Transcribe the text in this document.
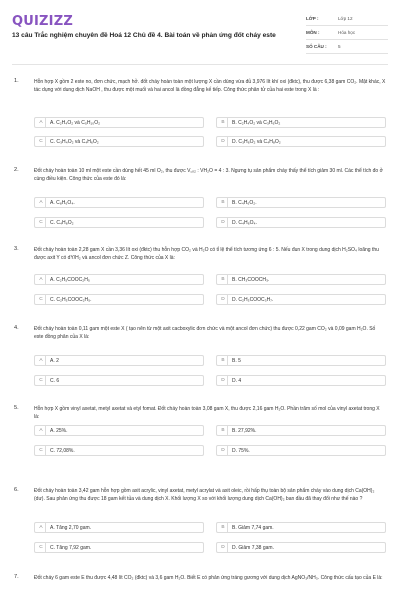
QUIZIZZ
13 câu Trắc nghiệm chuyên đề Hoá 12 Chủ đề 4. Bài toán về phản ứng đốt cháy este
LỚP :	Lớp 12
MÔN :	Hóa học
SỐ CÂU :	5
1.	Hỗn hợp X gồm 2 este no, đơn chức, mạch hở. đốt cháy hoàn toàn một lượng X cần dùng vừa đủ 3,976 lít khí oxi (đktc), thu được 6,38 gam CO₂. Mặt khác, X tác dụng với dung dịch NaOH , thu được một muối và hai ancol là đồng đẳng kế tiếp. Công thức phân tử của hai este trong X là :
A	A. C₂H₄O₂ và C₅H₁₀O₂	B	B. C₂H₄O₂ và C₃H₆O₂
C	C. C₃H₄O₂ và C₄H₆O₂	D	D. C₃H₆O₂ và C₄H₈O₂
2.	Đốt cháy hoàn toàn 10 ml một este cần dùng hết 45 ml O₂, thu được V꜀ₒ₂ : VH₂O = 4 : 3. Ngưng tụ sản phẩm cháy thấy thể tích giảm 30 ml. Các thể tích đo ở cùng điều kiện. Công thức của este đó là:
A	A. C₈H₆O₄.	B	B. C₄H₆O₂.
C	C. C₄H₈O₂	D	D. C₄H₆O₄.
3.	Đốt cháy hoàn toàn 2,28 gam X cần 3,36 lít oxi (đktc) thu hỗn hợp CO₂ và H₂O có tỉ lệ thể tích tương ứng 6 : 5. Nếu đun X trong dung dịch H₂SO₄ loãng thu được axit Y có dY/H₂ và ancol đơn chức Z. Công thức của X là:
A	A. C₂H₅COOC₂H₅	B	B. CH₃COOCH₃.
C	C. C₂H₃COOC₂H₅.	D	D. C₂H₃COOC₃H₇.
4.	Đốt cháy hoàn toàn 0,11 gam một este X ( tạo nên từ một axit cacboxylic đơn chức và một ancol đơn chức) thu được 0,22 gam CO₂ và 0,09 gam H₂O. Số este đồng phân của X là:
A	A. 2	B	B. 5
C	C. 6	D	D. 4
5.	Hỗn hợp X gồm vinyl axetat, metyl axetat và etyl fomat. Đốt cháy hoàn toàn 3,08 gam X, thu được 2,16 gam H₂O. Phần trăm số mol của vinyl axetat trong X là:
A	A. 25%.	B	B. 27,92%.
C	C. 72,08%.	D	D. 75%.
6.	Đốt cháy hoàn toàn 3,42 gam hỗn hợp gồm axit acrylic, vinyl axetat, metyl acrylat và axit oleic, rồi hấp thụ toàn bộ sản phẩm cháy vào dung dịch Ca(OH)₂ (dư). Sau phản ứng thu được 18 gam kết tủa và dung dịch X. Khối lượng X so với khối lượng dung dịch Ca(OH)₂ ban đầu đã thay đổi như thế nào ?
A	A. Tăng 2,70 gam.	B	B. Giảm 7,74 gam.
C	C. Tăng 7,92 gam.	D	D. Giảm 7,38 gam.
7.	Đốt cháy 6 gam este E thu được 4,48 lít CO₂ (đktc) và 3,6 gam H₂O. Biết E có phản ứng tráng gương với dung dịch AgNO₃/NH₃. Công thức cấu tạo của E là:
